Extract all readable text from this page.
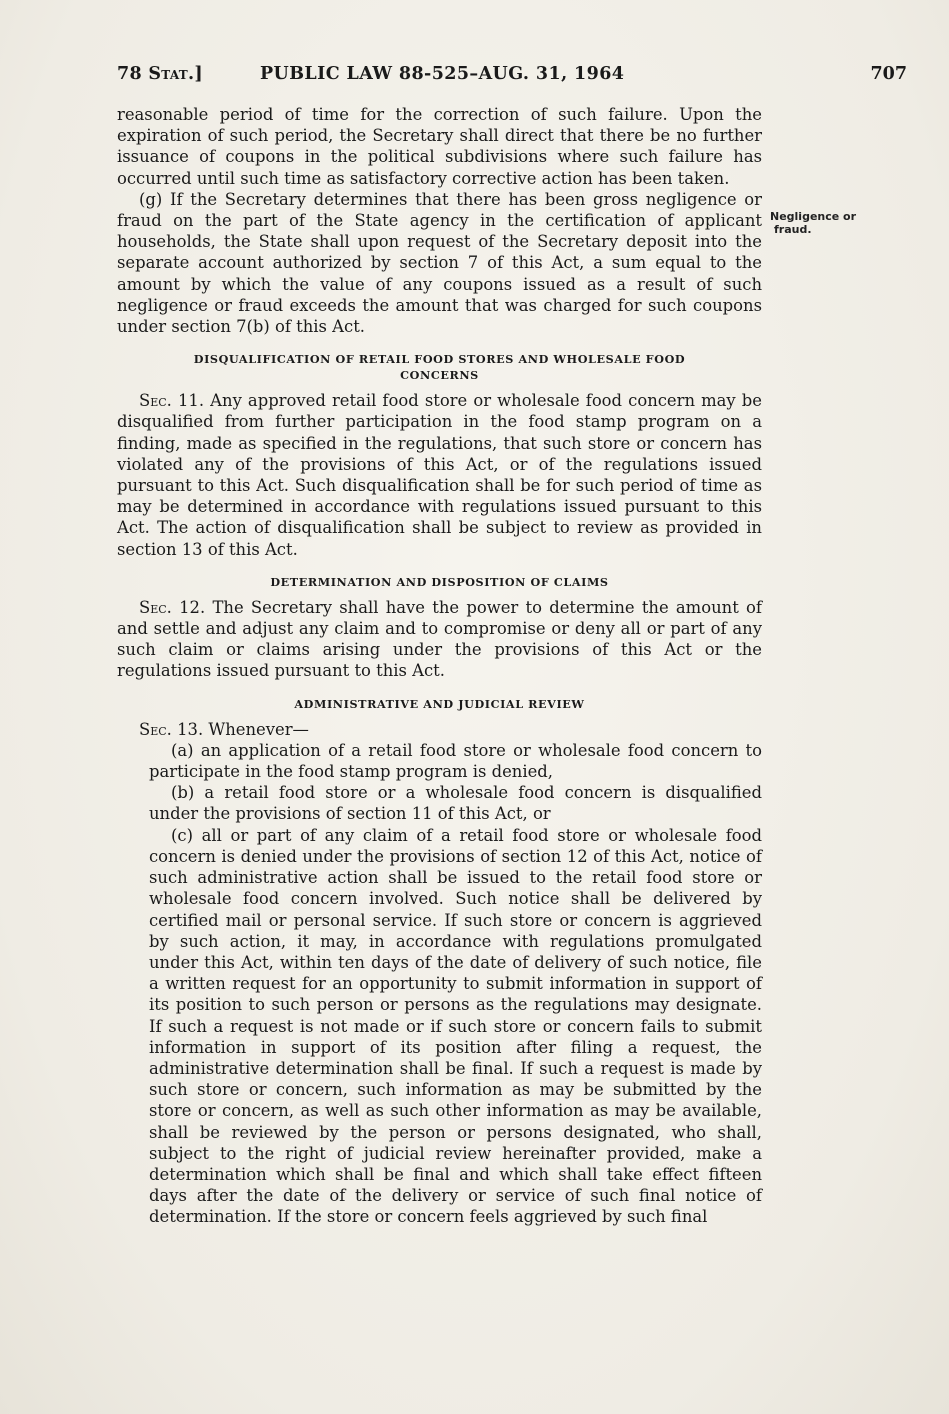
78 Stat.]	PUBLIC LAW 88-525–AUG. 31, 1964	707
Negligence or
fraud.

reasonable period of time for the correction of such failure. Upon the expiration of such period, the Secretary shall direct that there be no further issuance of coupons in the political subdivisions where such failure has occurred until such time as satisfactory corrective action has been taken.

(g) If the Secretary determines that there has been gross negligence or fraud on the part of the State agency in the certification of applicant households, the State shall upon request of the Secretary deposit into the separate account authorized by section 7 of this Act, a sum equal to the amount by which the value of any coupons issued as a result of such negligence or fraud exceeds the amount that was charged for such coupons under section 7(b) of this Act.

DISQUALIFICATION OF RETAIL FOOD STORES AND WHOLESALE FOOD
CONCERNS

Sec. 11. Any approved retail food store or wholesale food concern may be disqualified from further participation in the food stamp program on a finding, made as specified in the regulations, that such store or concern has violated any of the provisions of this Act, or of the regulations issued pursuant to this Act. Such disqualification shall be for such period of time as may be determined in accordance with regulations issued pursuant to this Act. The action of disqualification shall be subject to review as provided in section 13 of this Act.

DETERMINATION AND DISPOSITION OF CLAIMS

Sec. 12. The Secretary shall have the power to determine the amount of and settle and adjust any claim and to compromise or deny all or part of any such claim or claims arising under the provisions of this Act or the regulations issued pursuant to this Act.

ADMINISTRATIVE AND JUDICIAL REVIEW

Sec. 13. Whenever—

(a) an application of a retail food store or wholesale food concern to participate in the food stamp program is denied,

(b) a retail food store or a wholesale food concern is disqualified under the provisions of section 11 of this Act, or

(c) all or part of any claim of a retail food store or wholesale food concern is denied under the provisions of section 12 of this Act, notice of such administrative action shall be issued to the retail food store or wholesale food concern involved. Such notice shall be delivered by certified mail or personal service. If such store or concern is aggrieved by such action, it may, in accordance with regulations promulgated under this Act, within ten days of the date of delivery of such notice, file a written request for an opportunity to submit information in support of its position to such person or persons as the regulations may designate. If such a request is not made or if such store or concern fails to submit information in support of its position after filing a request, the administrative determination shall be final. If such a request is made by such store or concern, such information as may be submitted by the store or concern, as well as such other information as may be available, shall be reviewed by the person or persons designated, who shall, subject to the right of judicial review hereinafter provided, make a determination which shall be final and which shall take effect fifteen days after the date of the delivery or service of such final notice of determination. If the store or concern feels aggrieved by such final
